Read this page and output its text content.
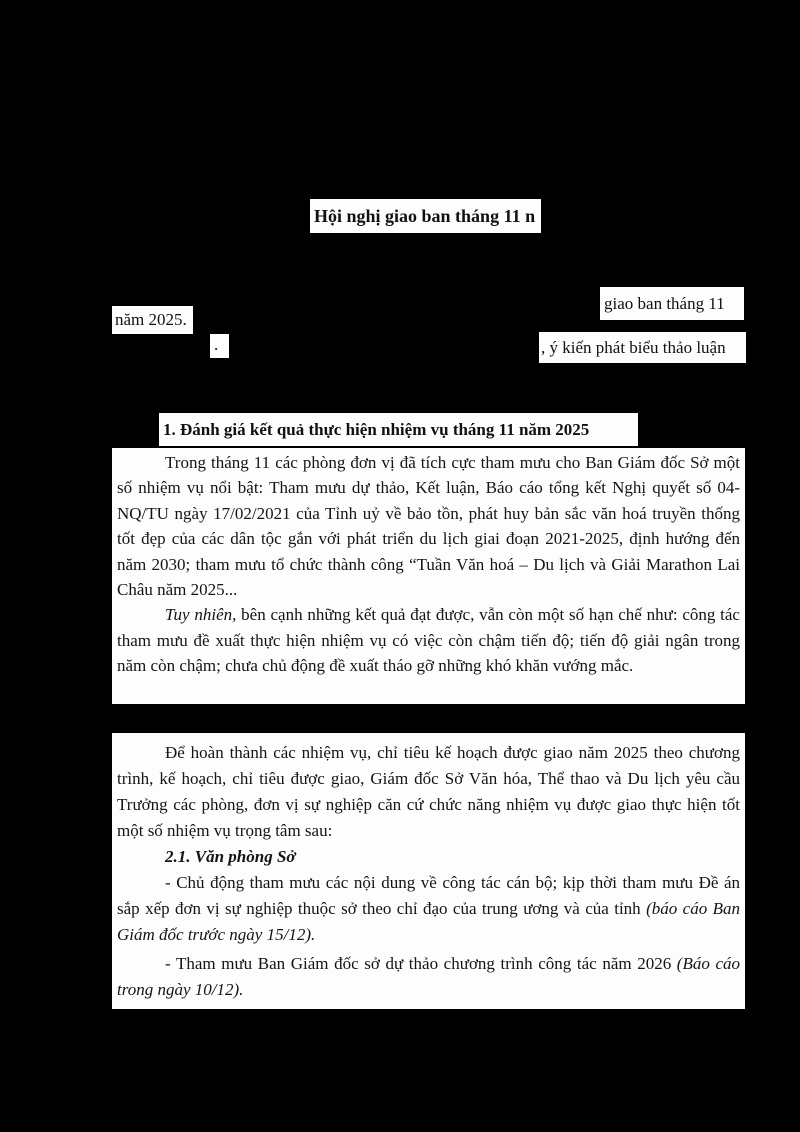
Hội nghị giao ban tháng 11 n
giao ban tháng 11
năm 2025.
.	, ý kiến phát biểu thảo luận
1. Đánh giá kết quả thực hiện nhiệm vụ tháng 11 năm 2025

Trong tháng 11 các phòng đơn vị đã tích cực tham mưu cho Ban Giám đốc Sở một số nhiệm vụ nổi bật: Tham mưu dự thảo, Kết luận, Báo cáo tổng kết Nghị quyết số 04-NQ/TU ngày 17/02/2021 của Tỉnh uỷ về bảo tồn, phát huy bản sắc văn hoá truyền thống tốt đẹp của các dân tộc gắn với phát triển du lịch giai đoạn 2021-2025, định hướng đến năm 2030; tham mưu tổ chức thành công “Tuần Văn hoá – Du lịch và Giải Marathon Lai Châu năm 2025...

Tuy nhiên, bên cạnh những kết quả đạt được, vẫn còn một số hạn chế như: công tác tham mưu đề xuất thực hiện nhiệm vụ có việc còn chậm tiến độ; tiến độ giải ngân trong năm còn chậm; chưa chủ động đề xuất tháo gỡ những khó khăn vướng mắc.

Để hoàn thành các nhiệm vụ, chỉ tiêu kế hoạch được giao năm 2025 theo chương trình, kế hoạch, chỉ tiêu được giao, Giám đốc Sở Văn hóa, Thể thao và Du lịch yêu cầu Trưởng các phòng, đơn vị sự nghiệp căn cứ chức năng nhiệm vụ được giao thực hiện tốt một số nhiệm vụ trọng tâm sau:

2.1. Văn phòng Sở

- Chủ động tham mưu các nội dung về công tác cán bộ; kịp thời tham mưu Đề án sắp xếp đơn vị sự nghiệp thuộc sở theo chỉ đạo của trung ương và của tỉnh (báo cáo Ban Giám đốc trước ngày 15/12).

- Tham mưu Ban Giám đốc sở dự thảo chương trình công tác năm 2026 (Báo cáo trong ngày 10/12).
